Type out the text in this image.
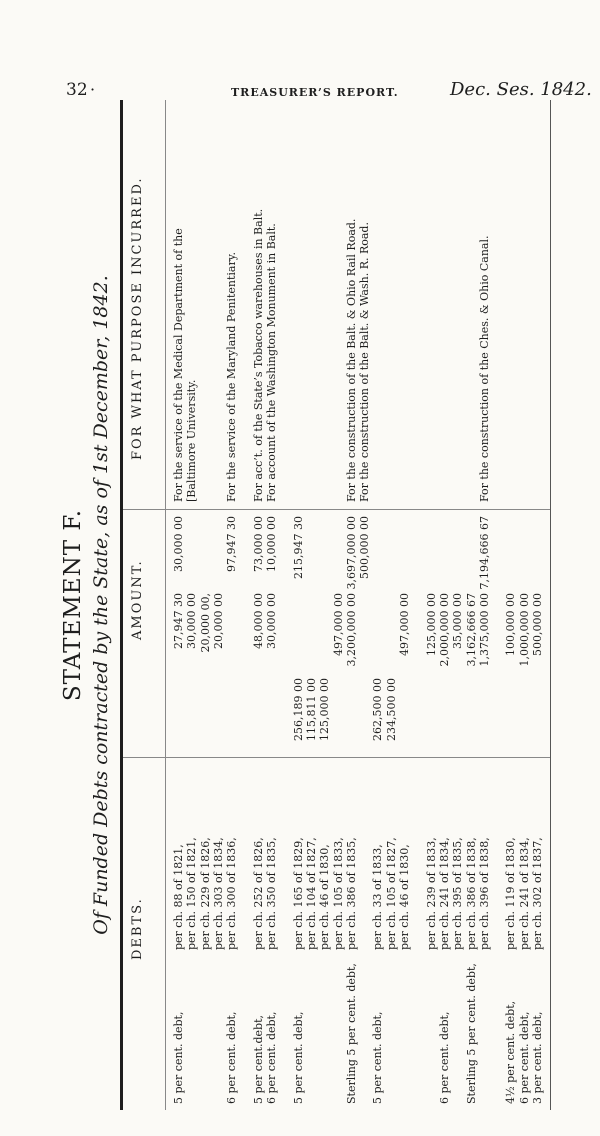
32 ·	TREASURER’S REPORT.	Dec. Ses. 1842.
STATEMENT F. Of Funded Debts contracted by the State, as of 1st December, 1842. DEBTS.
AMOUNT.
FOR WHAT PURPOSE INCURRED.
5 per cent. debt,
per ch. 88 of 1821,
27,947 30
30,000 00
For the service of the Medical Department of the
per ch. 150 of 1821,
30,000 00
[Baltimore University.
per ch. 229 of 1826,
20,000 00,
per ch. 303 of 1834,
20,000 00
6 per cent. debt,
per ch. 300 of 1836,
97,947 30
For the service of the Maryland Penitentiary.
5 per cent.debt,
per ch. 252 of 1826,
48,000 00
73,000 00
For acc’t. of the State’s Tobacco warehouses in Balt.
6 per cent. debt,
per ch. 350 of 1835,
30,000 00
10,000 00
For account of the Washington Monument in Balt.
5 per cent. debt,
per ch. 165 of 1829,
256,189 00
215,947 30
per ch. 104 of 1827,
115,811 00
per ch. 46 of 1830,
125,000 00
per ch. 105 of 1833,
497,000 00
Sterling 5 per cent. debt,
per ch. 386 of 1835,
3,200,000 00
3,697,000 00
For the construction of the Balt. & Ohio Rail Road.
500,000 00
For the construction of the Balt. & Wash. R. Road.
5 per cent. debt,
per ch. 33 of 1833,
262,500 00
per ch. 105 of 1827,
234,500 00
per ch. 46 of 1830,
497,000 00
per ch. 239 of 1833,
125,000 00
6 per cent. debt,
per ch. 241 of 1834,
2,000,000 00
per ch. 395 of 1835,
35,000 00
Sterling 5 per cent. debt,
per ch. 386 of 1838,
3,162,666 67
per ch. 396 of 1838,
1,375,000 00
7,194,666 67
For the construction of the Ches. & Ohio Canal.
4½ per cent. debt,
per ch. 119 of 1830,
100,000 00
6 per cent. debt,
per ch. 241 of 1834,
1,000,000 00
3 per cent. debt,
per ch. 302 of 1837,
500,000 00
